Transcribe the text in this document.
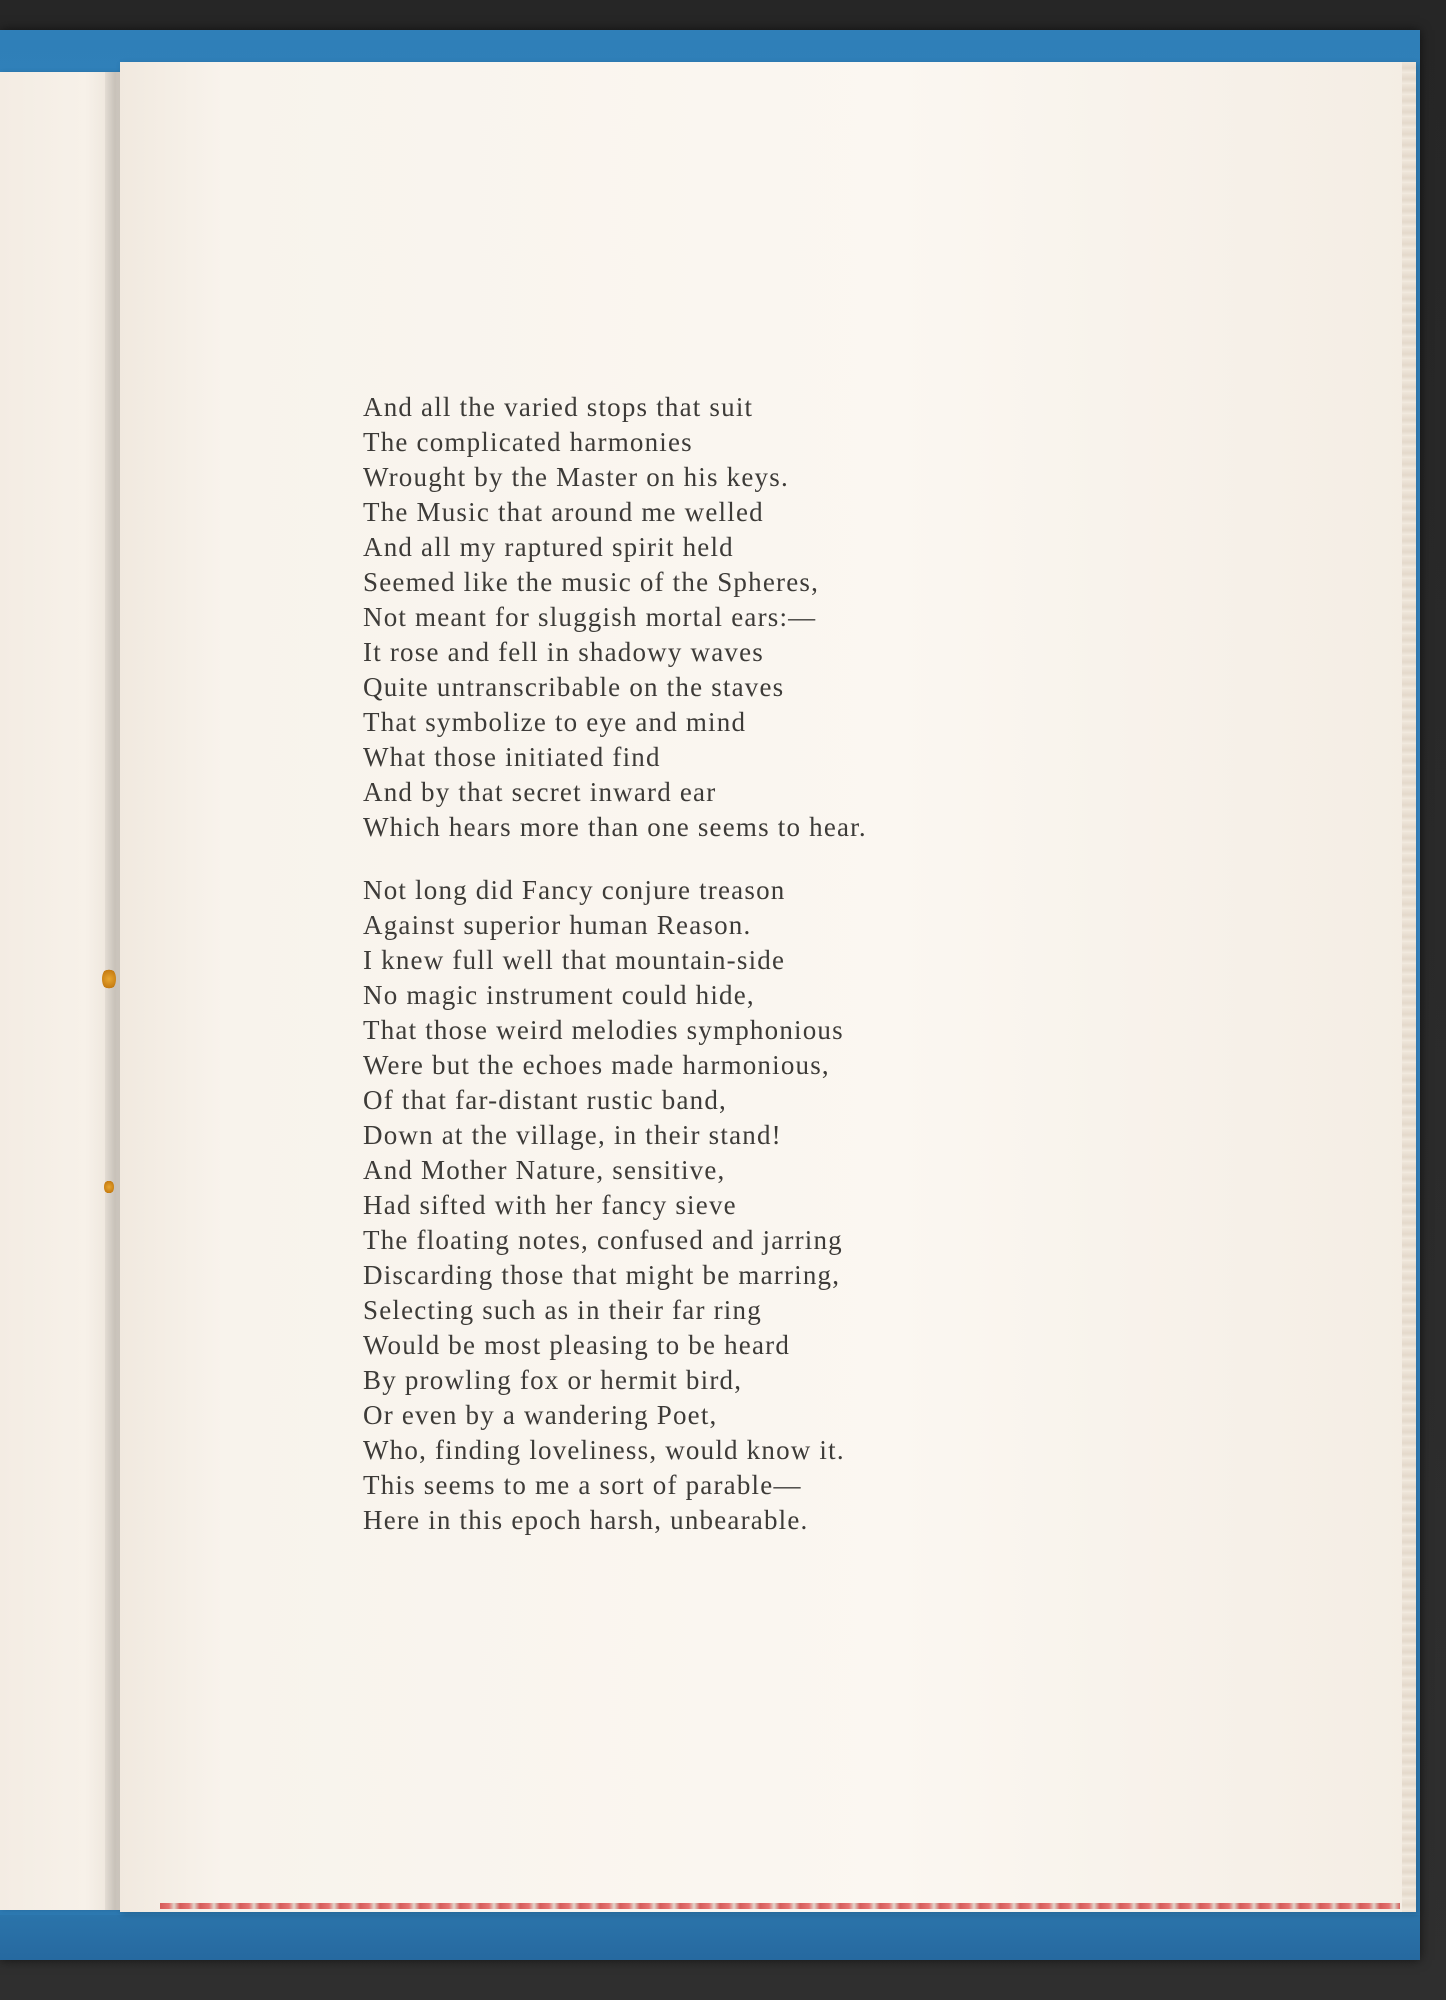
And all the varied stops that suit
The complicated harmonies
Wrought by the Master on his keys.
The Music that around me welled
And all my raptured spirit held
Seemed like the music of the Spheres,
Not meant for sluggish mortal ears:—
It rose and fell in shadowy waves
Quite untranscribable on the staves
That symbolize to eye and mind
What those initiated find
And by that secret inward ear
Which hears more than one seems to hear.
Not long did Fancy conjure treason
Against superior human Reason.
I knew full well that mountain-side
No magic instrument could hide,
That those weird melodies symphonious
Were but the echoes made harmonious,
Of that far-distant rustic band,
Down at the village, in their stand!
And Mother Nature, sensitive,
Had sifted with her fancy sieve
The floating notes, confused and jarring
Discarding those that might be marring,
Selecting such as in their far ring
Would be most pleasing to be heard
By prowling fox or hermit bird,
Or even by a wandering Poet,
Who, finding loveliness, would know it.
This seems to me a sort of parable—
Here in this epoch harsh, unbearable.
